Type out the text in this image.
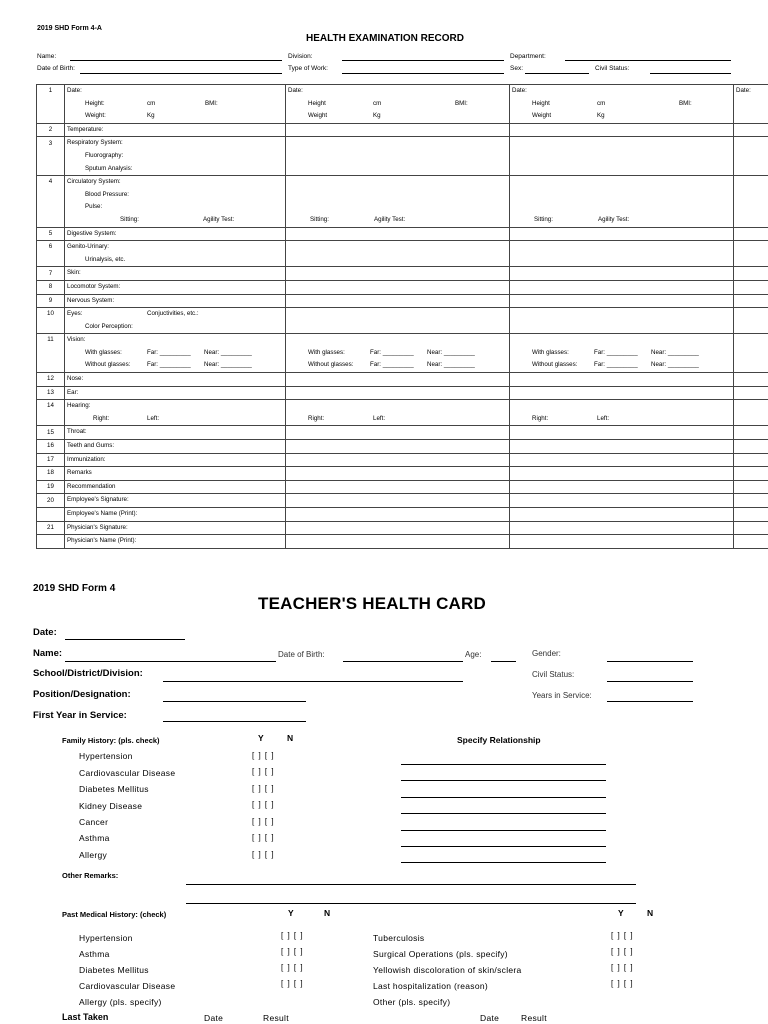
2019 SHD Form 4-A
HEALTH EXAMINATION RECORD
Name:
Date of Birth:
Division:
Type of Work:
Department:
Sex:	Civil Status:
1	Date:	Date:	Date:	Date:

	Height: cm BMI:	Height cm BMI:	Height cm BMI:	

	Weight: Kg	Weight Kg	Weight Kg	

2	Temperature:			

3	Respiratory System:			

	Fluorography:			

	Sputum Analysis:			

4	Circulatory System:			

	Blood Pressure:			

	Pulse:			

	Sitting: Agility Test:	Sitting: Agility Test:	Sitting: Agility Test:	

5	Digestive System:			

6	Genito-Urinary:			

	Urinalysis, etc.			

7	Skin:			

8	Locomotor System:			

9	Nervous System:			

10	Eyes: Conjuctivities, etc.:			

	Color Perception:			

11	Vision:			

	With glasses: Far: _________ Near: _________	With glasses: Far: _________ Near: _________	With glasses: Far: _________ Near: _________	

	Without glasses: Far: _________ Near: _________	Without glasses: Far: _________ Near: _________	Without glasses: Far: _________ Near: _________	

12	Nose:			

13	Ear:			

14	Hearing:			

	Right: Left:	Right: Left:	Right: Left:	

15	Throat:			

16	Teeth and Gums:			

17	Immunization:			

18	Remarks			

19	Recommendation			

20	Employee's Signature:			

	Employee's Name (Print):			

21	Physician's Signature:			

	Physician's Name (Print):			

2019 SHD Form 4
TEACHER'S HEALTH CARD
Date:
Name:	Date of Birth:	Age:	Gender:
School/District/Division:	Civil Status:
Position/Designation:	Years in Service:
First Year in Service:
Family History: (pls. check)	Y	N	Specify Relationship
Hypertension	[ ] [ ]
Cardiovascular Disease	[ ] [ ]
Diabetes Mellitus	[ ] [ ]
Kidney Disease	[ ] [ ]
Cancer	[ ] [ ]
Asthma	[ ] [ ]
Allergy	[ ] [ ]
Other Remarks:
Past Medical History: (check)	Y	N	Y	N
Hypertension	[ ] [ ]	Tuberculosis	[ ] [ ]
Asthma	[ ] [ ]	Surgical Operations (pls. specify)	[ ] [ ]
Diabetes Mellitus	[ ] [ ]	Yellowish discoloration of skin/sclera	[ ] [ ]
Cardiovascular Disease	[ ] [ ]	Last hospitalization (reason)	[ ] [ ]
Allergy (pls. specify)	Other (pls. specify)
Last Taken	Date	Result	Date	Result
